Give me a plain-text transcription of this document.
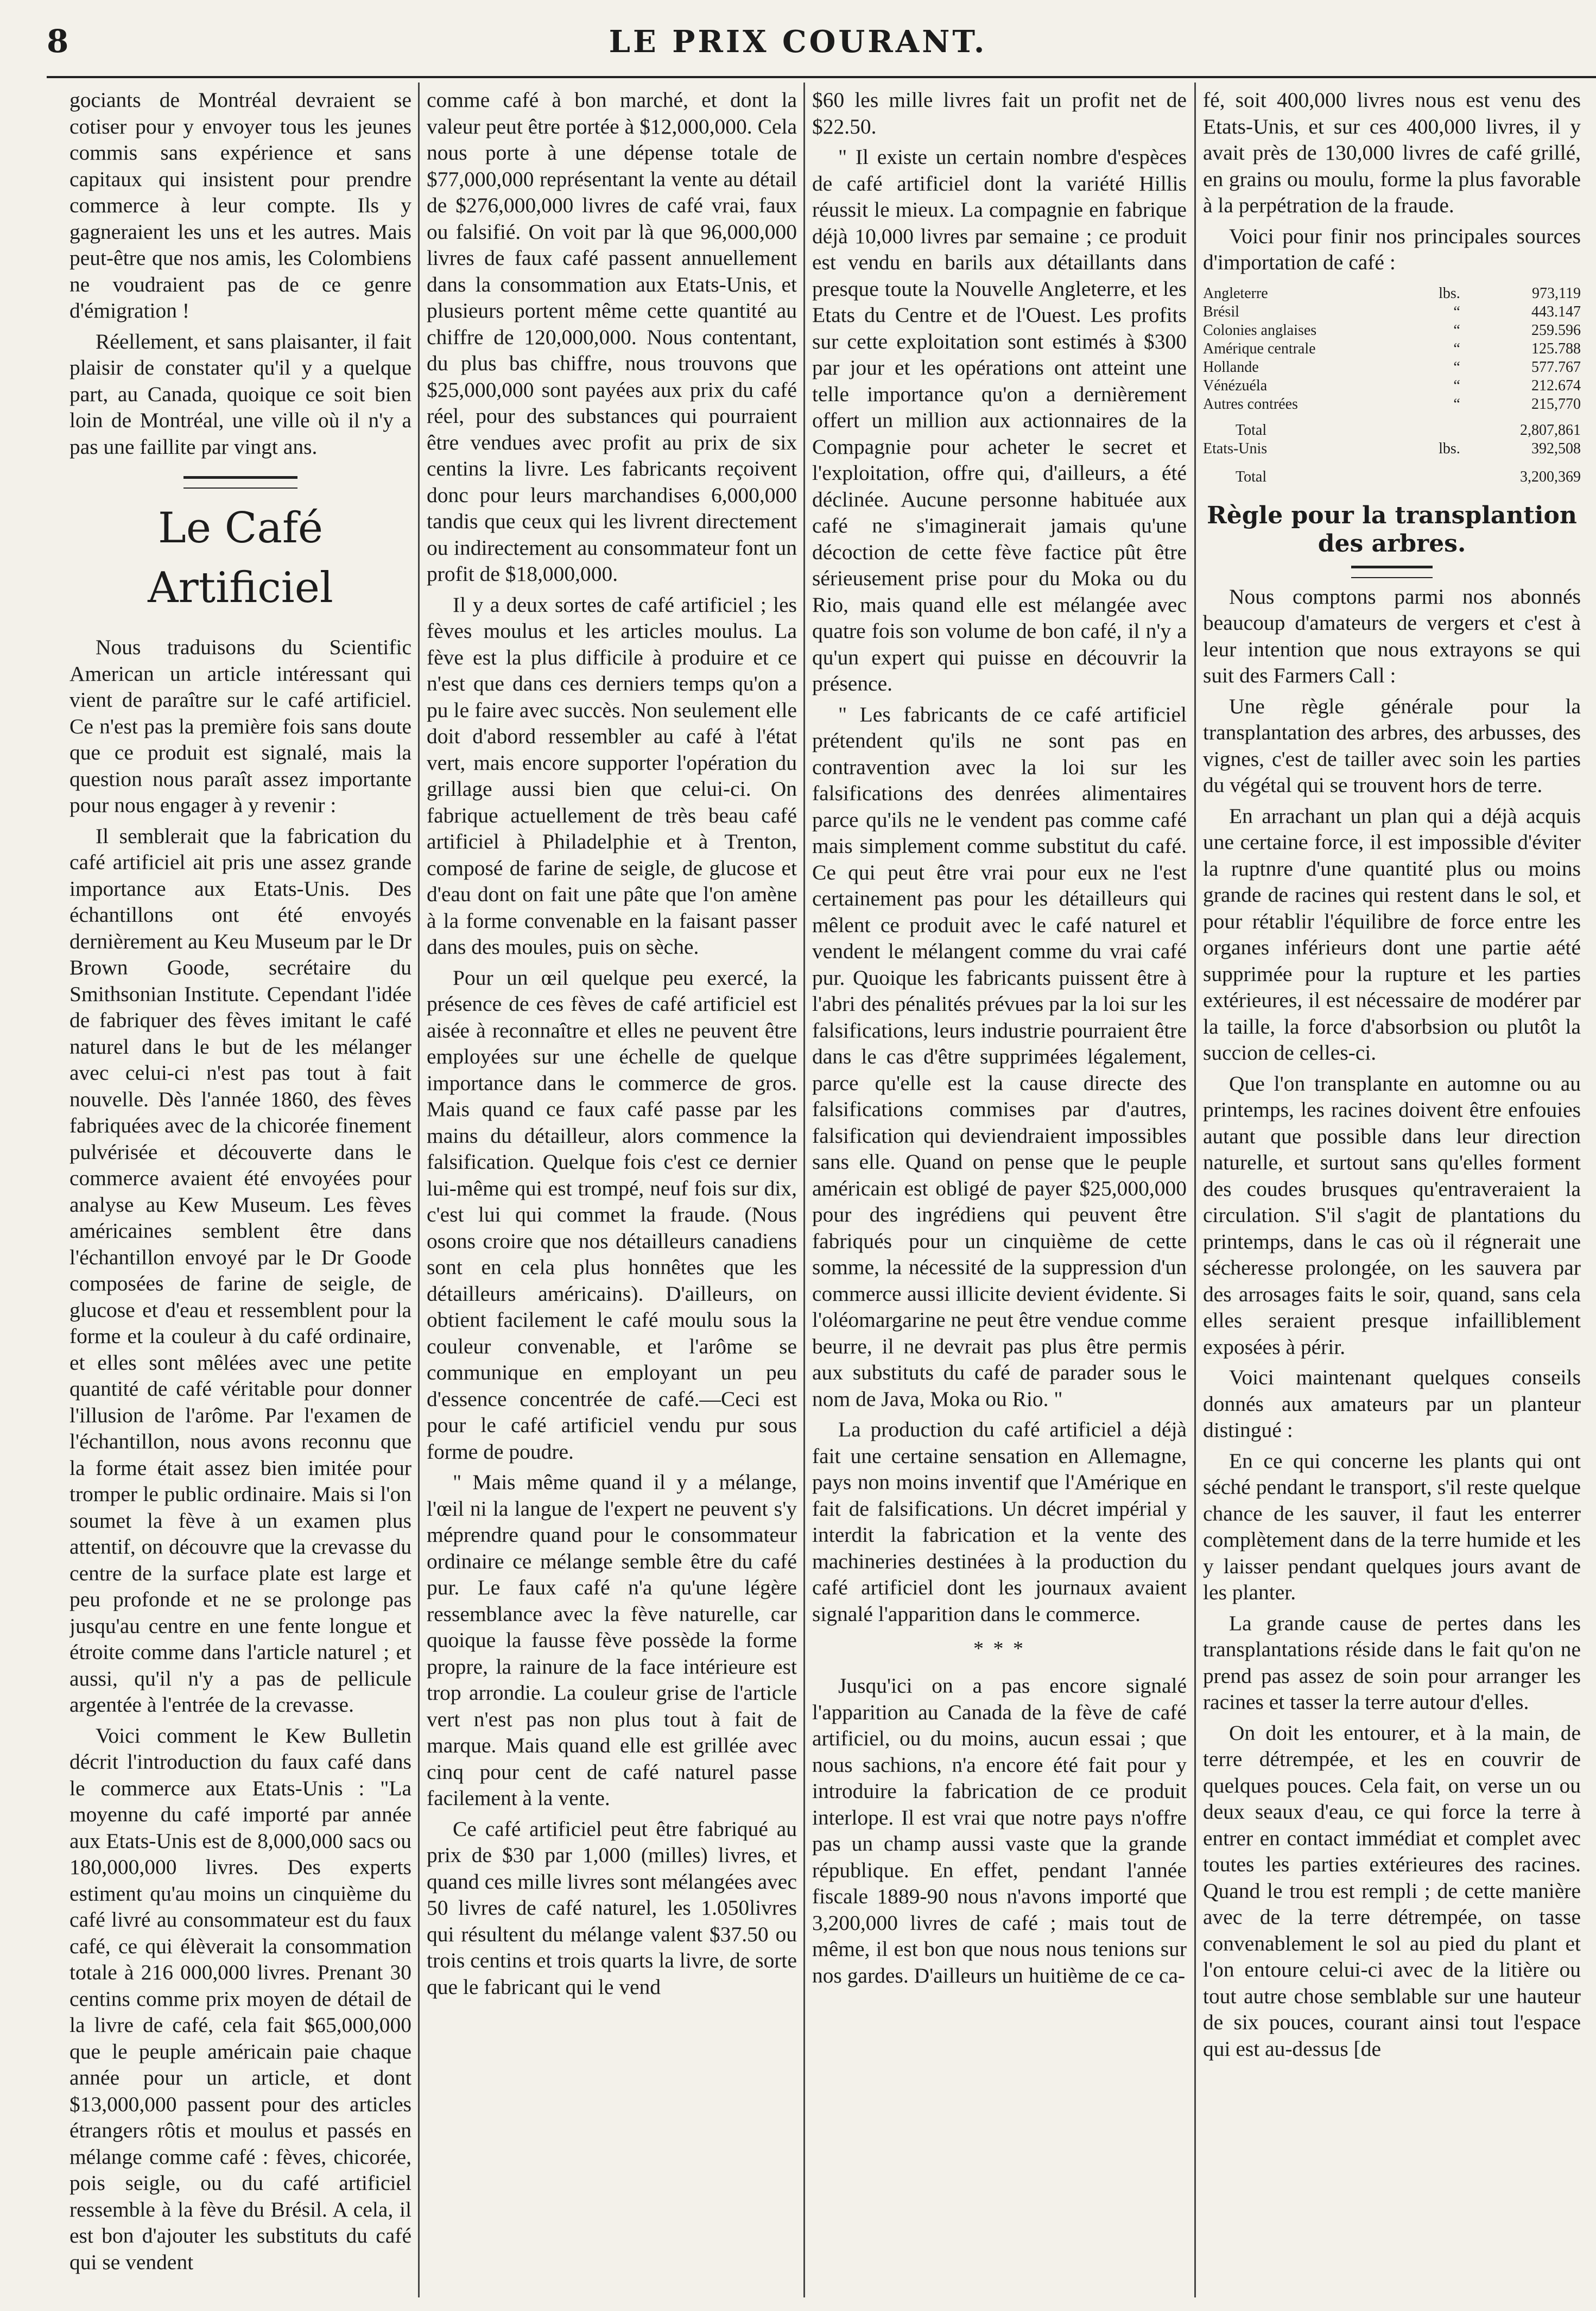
8	LE PRIX COURANT.

gociants de Montréal devraient se cotiser pour y envoyer tous les jeunes commis sans expérience et sans capitaux qui insistent pour prendre commerce à leur compte. Ils y gagneraient les uns et les autres. Mais peut-être que nos amis, les Colombiens ne voudraient pas de ce genre d'émigration !

Réellement, et sans plaisanter, il fait plaisir de constater qu'il y a quelque part, au Canada, quoique ce soit bien loin de Montréal, une ville où il n'y a pas une faillite par vingt ans.

Le Café Artificiel

Nous traduisons du Scientific American un article intéressant qui vient de paraître sur le café artificiel. Ce n'est pas la première fois sans doute que ce produit est signalé, mais la question nous paraît assez importante pour nous engager à y revenir :

Il semblerait que la fabrication du café artificiel ait pris une assez grande importance aux Etats-Unis. Des échantillons ont été envoyés dernièrement au Keu Museum par le Dr Brown Goode, secrétaire du Smithsonian Institute. Cependant l'idée de fabriquer des fèves imitant le café naturel dans le but de les mélanger avec celui-ci n'est pas tout à fait nouvelle. Dès l'année 1860, des fèves fabriquées avec de la chicorée finement pulvérisée et découverte dans le commerce avaient été envoyées pour analyse au Kew Museum. Les fèves américaines semblent être dans l'échantillon envoyé par le Dr Goode composées de farine de seigle, de glucose et d'eau et ressemblent pour la forme et la couleur à du café ordinaire, et elles sont mêlées avec une petite quantité de café véritable pour donner l'illusion de l'arôme. Par l'examen de l'échantillon, nous avons reconnu que la forme était assez bien imitée pour tromper le public ordinaire. Mais si l'on soumet la fève à un examen plus attentif, on découvre que la crevasse du centre de la surface plate est large et peu profonde et ne se prolonge pas jusqu'au centre en une fente longue et étroite comme dans l'article naturel ; et aussi, qu'il n'y a pas de pellicule argentée à l'entrée de la crevasse.

Voici comment le Kew Bulletin décrit l'introduction du faux café dans le commerce aux Etats-Unis : "La moyenne du café importé par année aux Etats-Unis est de 8,000,000 sacs ou 180,000,000 livres. Des experts estiment qu'au moins un cinquième du café livré au consommateur est du faux café, ce qui élèverait la consommation totale à 216 000,000 livres. Prenant 30 centins comme prix moyen de détail de la livre de café, cela fait $65,000,000 que le peuple américain paie chaque année pour un article, et dont $13,000,000 passent pour des articles étrangers rôtis et moulus et passés en mélange comme café : fèves, chicorée, pois seigle, ou du café artificiel ressemble à la fève du Brésil. A cela, il est bon d'ajouter les substituts du café qui se vendent

comme café à bon marché, et dont la valeur peut être portée à $12,000,000. Cela nous porte à une dépense totale de $77,000,000 représentant la vente au détail de $276,000,000 livres de café vrai, faux ou falsifié. On voit par là que 96,000,000 livres de faux café passent annuellement dans la consommation aux Etats-Unis, et plusieurs portent même cette quantité au chiffre de 120,000,000. Nous contentant, du plus bas chiffre, nous trouvons que $25,000,000 sont payées aux prix du café réel, pour des substances qui pourraient être vendues avec profit au prix de six centins la livre. Les fabricants reçoivent donc pour leurs marchandises 6,000,000 tandis que ceux qui les livrent directement ou indirectement au consommateur font un profit de $18,000,000.

Il y a deux sortes de café artificiel ; les fèves moulus et les articles moulus. La fève est la plus difficile à produire et ce n'est que dans ces derniers temps qu'on a pu le faire avec succès. Non seulement elle doit d'abord ressembler au café à l'état vert, mais encore supporter l'opération du grillage aussi bien que celui-ci. On fabrique actuellement de très beau café artificiel à Philadelphie et à Trenton, composé de farine de seigle, de glucose et d'eau dont on fait une pâte que l'on amène à la forme convenable en la faisant passer dans des moules, puis on sèche.

Pour un œil quelque peu exercé, la présence de ces fèves de café artificiel est aisée à reconnaître et elles ne peuvent être employées sur une échelle de quelque importance dans le commerce de gros. Mais quand ce faux café passe par les mains du détailleur, alors commence la falsification. Quelque fois c'est ce dernier lui-même qui est trompé, neuf fois sur dix, c'est lui qui commet la fraude. (Nous osons croire que nos détailleurs canadiens sont en cela plus honnêtes que les détailleurs américains). D'ailleurs, on obtient facilement le café moulu sous la couleur convenable, et l'arôme se communique en employant un peu d'essence concentrée de café.—Ceci est pour le café artificiel vendu pur sous forme de poudre.

" Mais même quand il y a mélange, l'œil ni la langue de l'expert ne peuvent s'y méprendre quand pour le consommateur ordinaire ce mélange semble être du café pur. Le faux café n'a qu'une légère ressemblance avec la fève naturelle, car quoique la fausse fève possède la forme propre, la rainure de la face intérieure est trop arrondie. La couleur grise de l'article vert n'est pas non plus tout à fait de marque. Mais quand elle est grillée avec cinq pour cent de café naturel passe facilement à la vente.

Ce café artificiel peut être fabriqué au prix de $30 par 1,000 (milles) livres, et quand ces mille livres sont mélangées avec 50 livres de café naturel, les 1.050livres qui résultent du mélange valent $37.50 ou trois centins et trois quarts la livre, de sorte que le fabricant qui le vend

$60 les mille livres fait un profit net de $22.50.

" Il existe un certain nombre d'espèces de café artificiel dont la variété Hillis réussit le mieux. La compagnie en fabrique déjà 10,000 livres par semaine ; ce produit est vendu en barils aux détaillants dans presque toute la Nouvelle Angleterre, et les Etats du Centre et de l'Ouest. Les profits sur cette exploitation sont estimés à $300 par jour et les opérations ont atteint une telle importance qu'on a dernièrement offert un million aux actionnaires de la Compagnie pour acheter le secret et l'exploitation, offre qui, d'ailleurs, a été déclinée. Aucune personne habituée aux café ne s'imaginerait jamais qu'une décoction de cette fève factice pût être sérieusement prise pour du Moka ou du Rio, mais quand elle est mélangée avec quatre fois son volume de bon café, il n'y a qu'un expert qui puisse en découvrir la présence.

" Les fabricants de ce café artificiel prétendent qu'ils ne sont pas en contravention avec la loi sur les falsifications des denrées alimentaires parce qu'ils ne le vendent pas comme café mais simplement comme substitut du café. Ce qui peut être vrai pour eux ne l'est certainement pas pour les détailleurs qui mêlent ce produit avec le café naturel et vendent le mélangent comme du vrai café pur. Quoique les fabricants puissent être à l'abri des pénalités prévues par la loi sur les falsifications, leurs industrie pourraient être dans le cas d'être supprimées légalement, parce qu'elle est la cause directe des falsifications commises par d'autres, falsification qui deviendraient impossibles sans elle. Quand on pense que le peuple américain est obligé de payer $25,000,000 pour des ingrédiens qui peuvent être fabriqués pour un cinquième de cette somme, la nécessité de la suppression d'un commerce aussi illicite devient évidente. Si l'oléomargarine ne peut être vendue comme beurre, il ne devrait pas plus être permis aux substituts du café de parader sous le nom de Java, Moka ou Rio. "

La production du café artificiel a déjà fait une certaine sensation en Allemagne, pays non moins inventif que l'Amérique en fait de falsifications. Un décret impérial y interdit la fabrication et la vente des machineries destinées à la production du café artificiel dont les journaux avaient signalé l'apparition dans le commerce.

* * *

Jusqu'ici on a pas encore signalé l'apparition au Canada de la fève de café artificiel, ou du moins, aucun essai ; que nous sachions, n'a encore été fait pour y introduire la fabrication de ce produit interlope. Il est vrai que notre pays n'offre pas un champ aussi vaste que la grande république. En effet, pendant l'année fiscale 1889-90 nous n'avons importé que 3,200,000 livres de café ; mais tout de même, il est bon que nous nous tenions sur nos gardes. D'ailleurs un huitième de ce ca-

fé, soit 400,000 livres nous est venu des Etats-Unis, et sur ces 400,000 livres, il y avait près de 130,000 livres de café grillé, en grains ou moulu, forme la plus favorable à la perpétration de la fraude.

Voici pour finir nos principales sources d'importation de café :

Angleterre	lbs.	973,119
Brésil	“	443.147
Colonies anglaises	“	259.596
Amérique centrale	“	125.788
Hollande	“	577.767
Vénézuéla	“	212.674
Autres contrées	“	215,770
Total		2,807,861
Etats-Unis	lbs.	392,508
Total		3,200,369
Règle pour la transplantion des arbres.

Nous comptons parmi nos abonnés beaucoup d'amateurs de vergers et c'est à leur intention que nous extrayons se qui suit des Farmers Call :

Une règle générale pour la transplantation des arbres, des arbusses, des vignes, c'est de tailler avec soin les parties du végétal qui se trouvent hors de terre.

En arrachant un plan qui a déjà acquis une certaine force, il est impossible d'éviter la ruptnre d'une quantité plus ou moins grande de racines qui restent dans le sol, et pour rétablir l'équilibre de force entre les organes inférieurs dont une partie aété supprimée pour la rupture et les parties extérieures, il est nécessaire de modérer par la taille, la force d'absorbsion ou plutôt la succion de celles-ci.

Que l'on transplante en automne ou au printemps, les racines doivent être enfouies autant que possible dans leur direction naturelle, et surtout sans qu'elles forment des coudes brusques qu'entraveraient la circulation. S'il s'agit de plantations du printemps, dans le cas où il régnerait une sécheresse prolongée, on les sauvera par des arrosages faits le soir, quand, sans cela elles seraient presque infailliblement exposées à périr.

Voici maintenant quelques conseils donnés aux amateurs par un planteur distingué :

En ce qui concerne les plants qui ont séché pendant le transport, s'il reste quelque chance de les sauver, il faut les enterrer complètement dans de la terre humide et les y laisser pendant quelques jours avant de les planter.

La grande cause de pertes dans les transplantations réside dans le fait qu'on ne prend pas assez de soin pour arranger les racines et tasser la terre autour d'elles.

On doit les entourer, et à la main, de terre détrempée, et les en couvrir de quelques pouces. Cela fait, on verse un ou deux seaux d'eau, ce qui force la terre à entrer en contact immédiat et complet avec toutes les parties extérieures des racines. Quand le trou est rempli ; de cette manière avec de la terre détrempée, on tasse convenablement le sol au pied du plant et l'on entoure celui-ci avec de la litière ou tout autre chose semblable sur une hauteur de six pouces, courant ainsi tout l'espace qui est au-dessus [de
